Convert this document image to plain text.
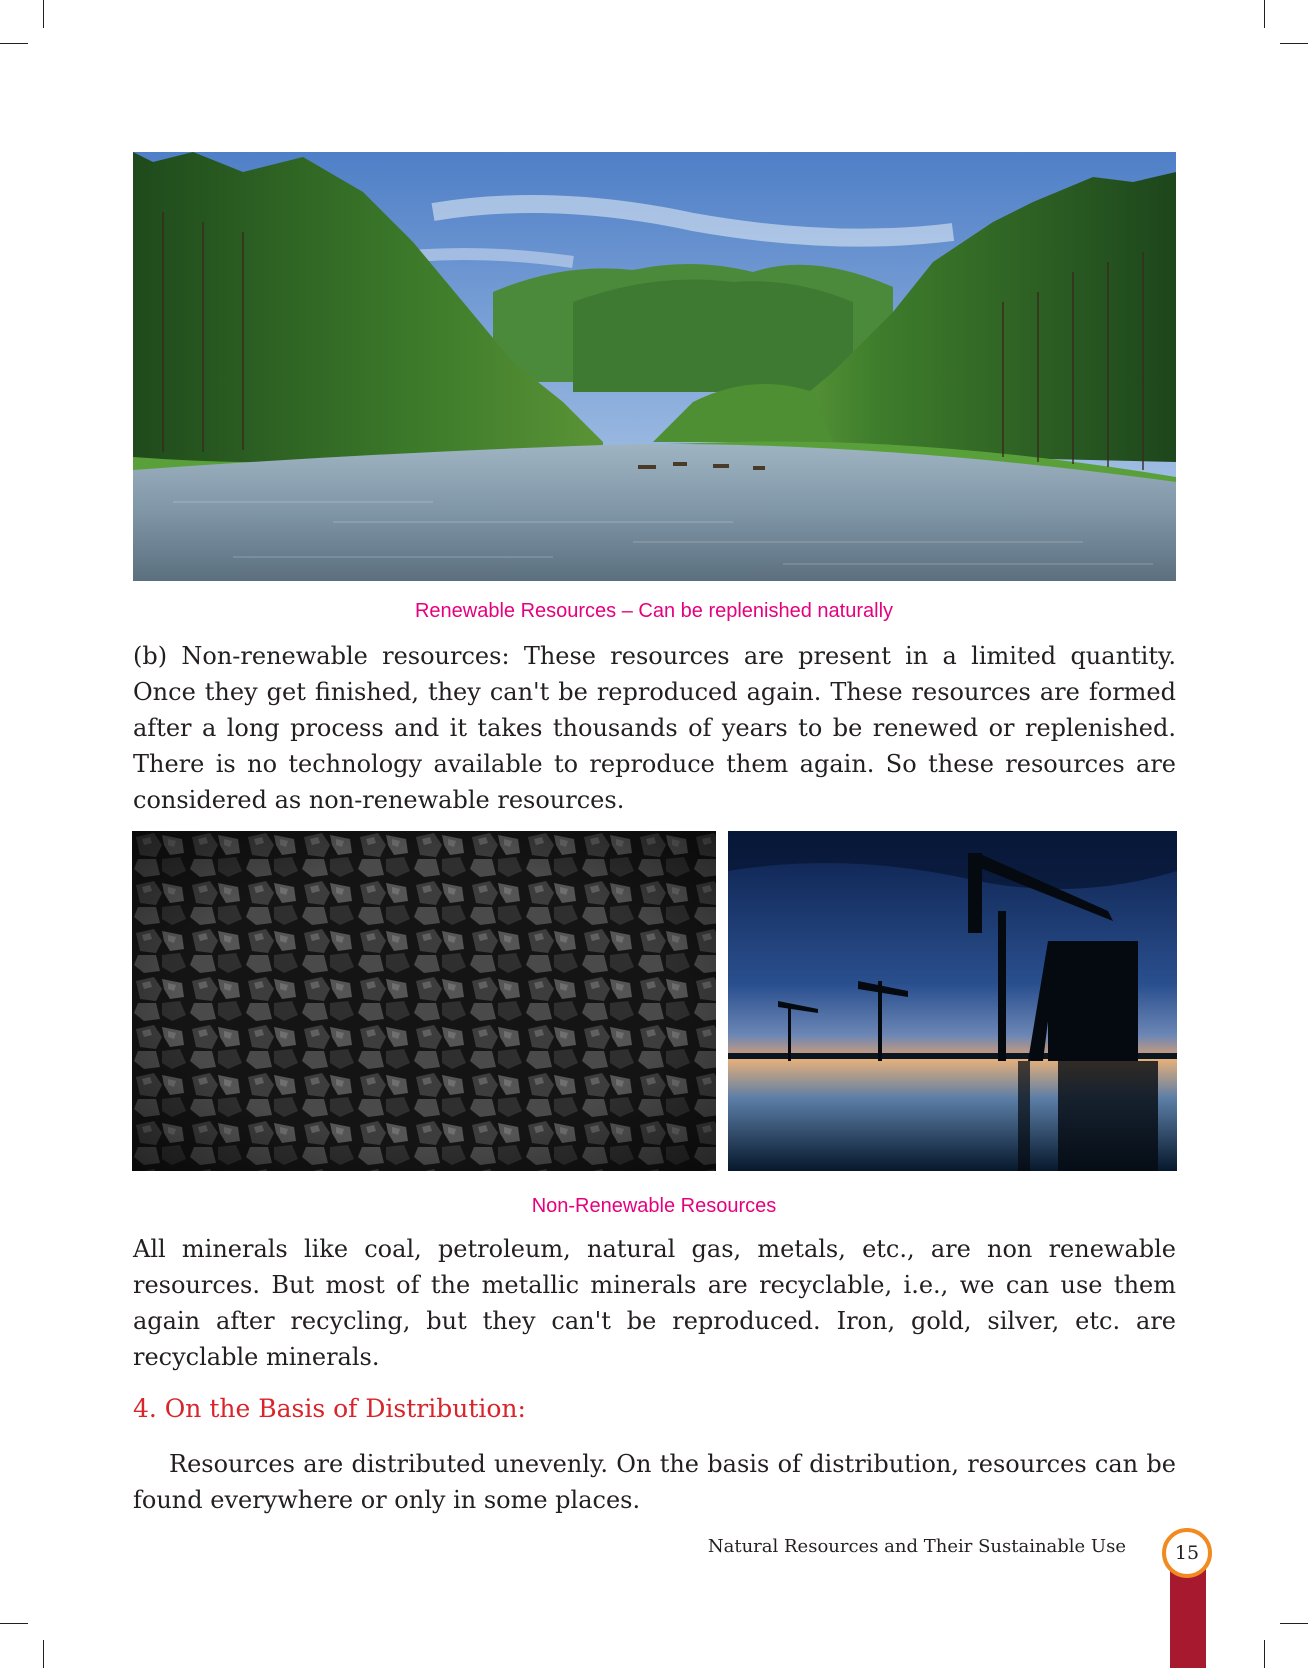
Renewable Resources – Can be replenished naturally

(b) Non-renewable resources: These resources are present in a limited quantity. Once they get finished, they can't be reproduced again. These resources are formed after a long process and it takes thousands of years to be renewed or replenished. There is no technology available to reproduce them again. So these resources are considered as non-renewable resources.

Non-Renewable Resources

All minerals like coal, petroleum, natural gas, metals, etc., are non renewable resources. But most of the metallic minerals are recyclable, i.e., we can use them again after recycling, but they can't be reproduced. Iron, gold, silver, etc. are recyclable minerals.

4. On the Basis of Distribution:

Resources are distributed unevenly. On the basis of distribution, resources can be found everywhere or only in some places.

Natural Resources and Their Sustainable Use	15
